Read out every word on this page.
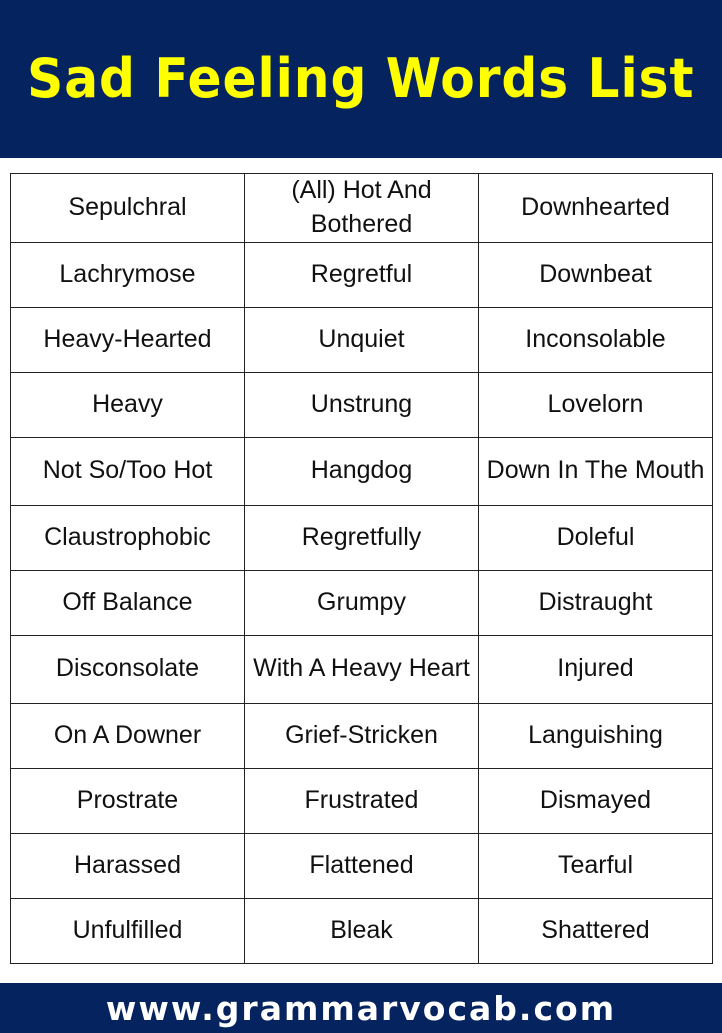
Sad Feeling Words List
Sepulchral	(All) Hot And Bothered	Downhearted
Lachrymose	Regretful	Downbeat
Heavy-Hearted	Unquiet	Inconsolable
Heavy	Unstrung	Lovelorn
Not So/Too Hot	Hangdog	Down In The Mouth
Claustrophobic	Regretfully	Doleful
Off Balance	Grumpy	Distraught
Disconsolate	With A Heavy Heart	Injured
On A Downer	Grief-Stricken	Languishing
Prostrate	Frustrated	Dismayed
Harassed	Flattened	Tearful
Unfulfilled	Bleak	Shattered
www.grammarvocab.com
